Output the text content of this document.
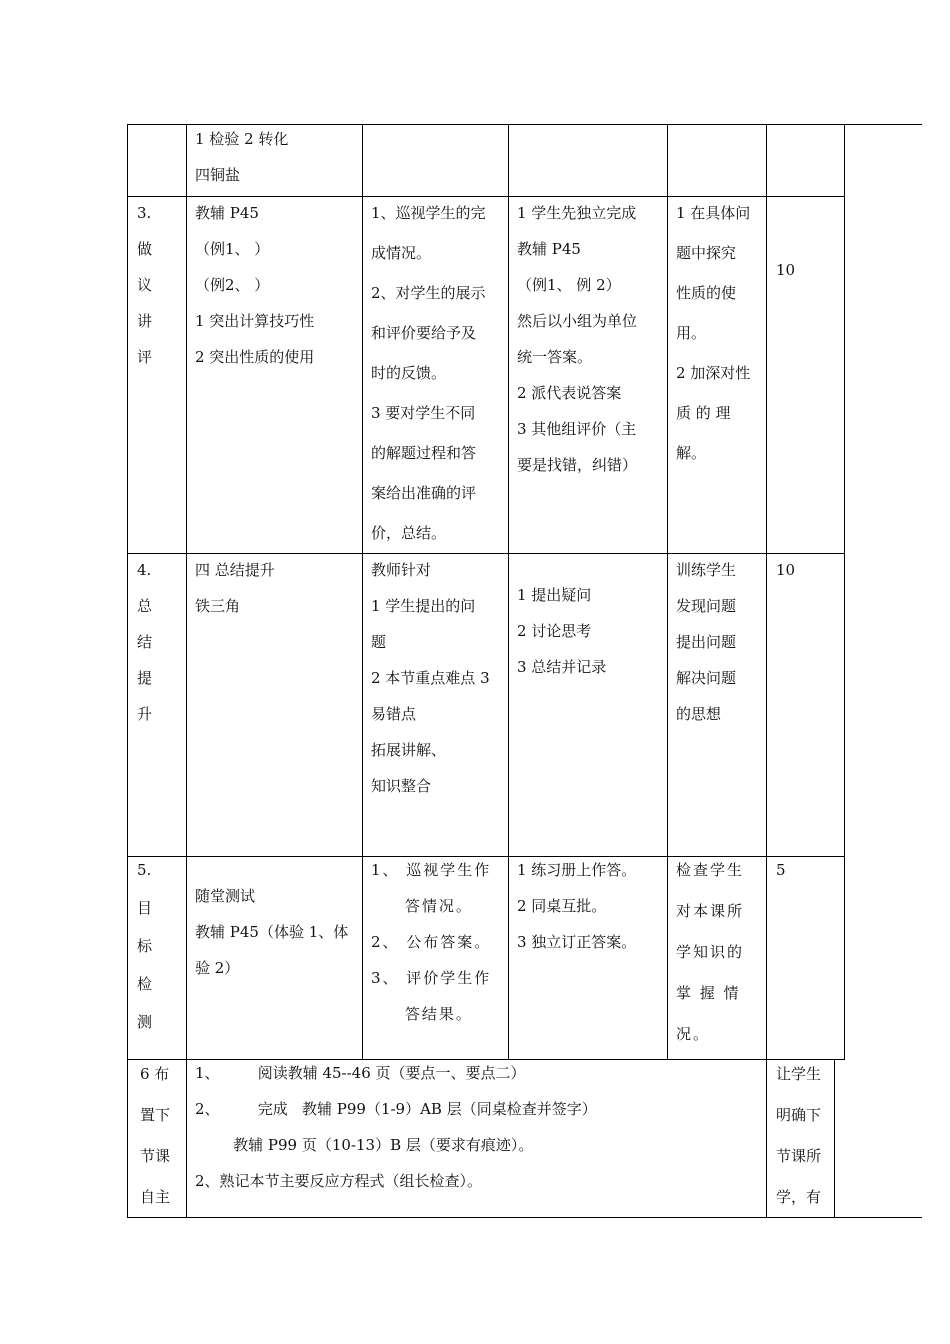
1 检验 2 转化

四铜盐

3.

做

议

讲

评

教辅 P45

（例1、 ）

（例2、 ）

1 突出计算技巧性

2 突出性质的使用

1、巡视学生的完

成情况。

2、对学生的展示

和评价要给予及

时的反馈。

3 要对学生不同

的解题过程和答

案给出准确的评

价，总结。

1 学生先独立完成

教辅 P45

（例1、 例 2）

然后以小组为单位

统一答案。

2 派代表说答案

3 其他组评价（主

要是找错，纠错）

1 在具体问

题中探究

性质的使

用。

2 加深对性

质 的 理

解。

10

4.

总

结

提

升

四 总结提升

铁三角

教师针对

1 学生提出的问

题

2 本节重点难点 3

易错点

拓展讲解、

知识整合

1 提出疑问

2 讨论思考

3 总结并记录

训练学生

发现问题

提出问题

解决问题

的思想

10

5.

目

标

检

测

随堂测试

教辅 P45（体验 1、体

验 2）

1、 巡视学生作

答情况。

2、 公布答案。

3、 评价学生作

答结果。

1 练习册上作答。

2 同桌互批。

3 独立订正答案。

检查学生

对本课所

学知识的

掌 握 情

况。

5

6 布

置下

节课

自主

1、        阅读教辅 45--46 页（要点一、要点二）

2、        完成   教辅 P99（1-9）AB 层（同桌检查并签字）

教辅 P99 页（10-13）B 层（要求有痕迹）。

2、熟记本节主要反应方程式（组长检查）。

让学生

明确下

节课所

学，有
